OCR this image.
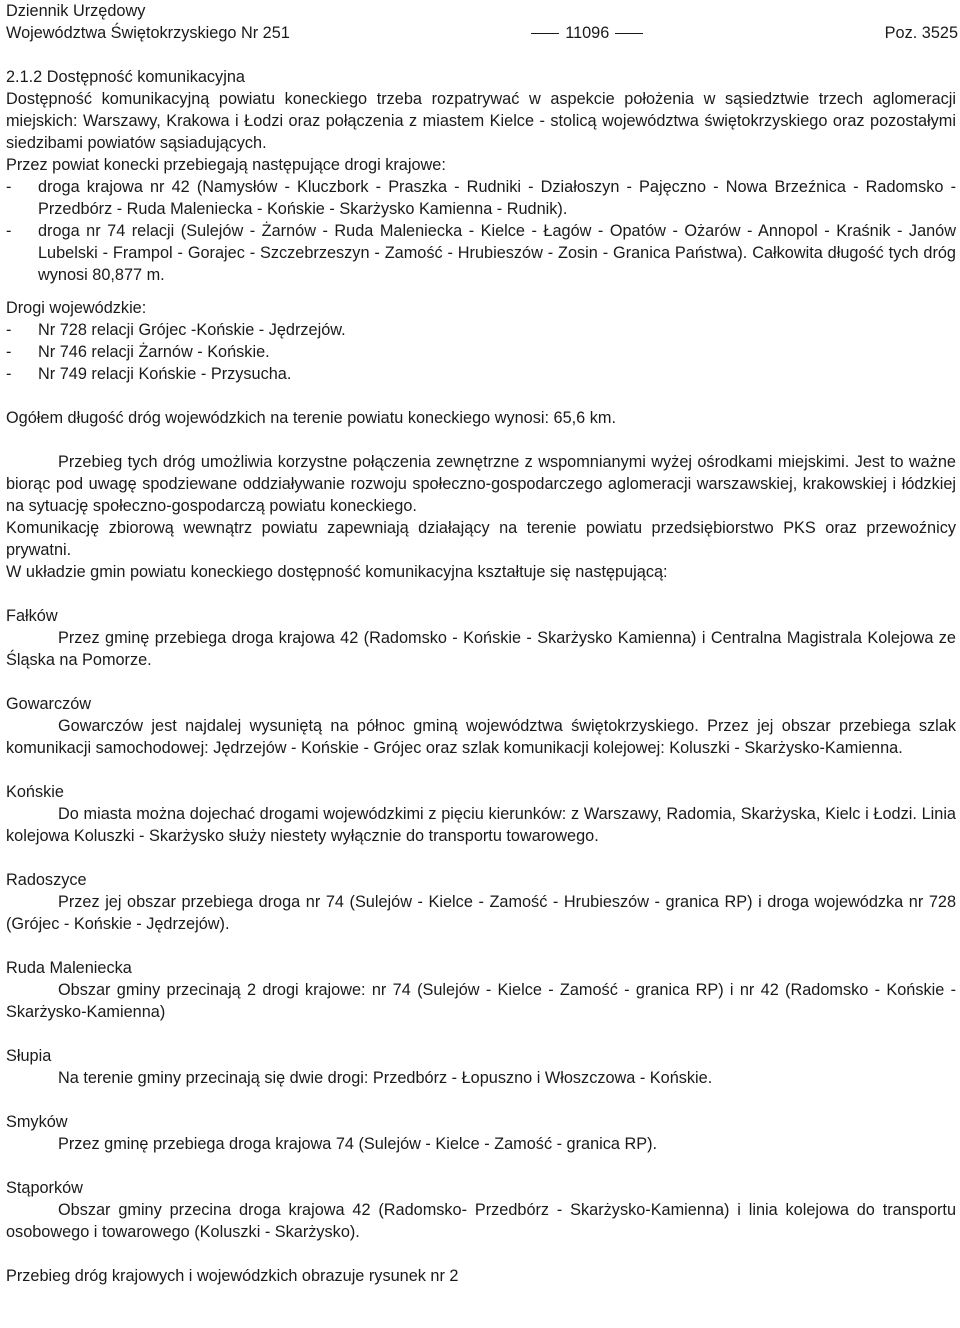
Dziennik Urzędowy
Województwa Świętokrzyskiego Nr 251	11096	Poz. 3525

2.1.2 Dostępność komunikacyjna

Dostępność komunikacyjną powiatu koneckiego trzeba rozpatrywać w aspekcie położenia w sąsiedztwie trzech aglomeracji miejskich: Warszawy, Krakowa i Łodzi oraz połączenia z miastem Kielce - stolicą województwa świętokrzyskiego oraz pozostałymi siedzibami powiatów sąsiadujących.

Przez powiat konecki przebiegają następujące drogi krajowe:

-	droga krajowa nr 42 (Namysłów - Kluczbork - Praszka - Rudniki - Działoszyn - Pajęczno - Nowa Brzeźnica - Radomsko - Przedbórz - Ruda Maleniecka - Końskie - Skarżysko Kamienna - Rudnik).
-	droga nr 74 relacji (Sulejów - Żarnów - Ruda Maleniecka - Kielce - Łagów - Opatów - Ożarów - Annopol - Kraśnik - Janów Lubelski - Frampol - Gorajec - Szczebrzeszyn - Zamość - Hrubieszów - Zosin - Granica Państwa). Całkowita długość tych dróg wynosi 80,877 m.

Drogi wojewódzkie:

-	Nr 728 relacji Grójec -Końskie - Jędrzejów.
-	Nr 746 relacji Żarnów - Końskie.
-	Nr 749 relacji Końskie - Przysucha.

Ogółem długość dróg wojewódzkich na terenie powiatu koneckiego wynosi: 65,6 km.

Przebieg tych dróg umożliwia korzystne połączenia zewnętrzne z wspomnianymi wyżej ośrodkami miejskimi. Jest to ważne biorąc pod uwagę spodziewane oddziaływanie rozwoju społeczno-gospodarczego aglomeracji warszawskiej, krakowskiej i łódzkiej na sytuację społeczno-gospodarczą powiatu koneckiego.

Komunikację zbiorową wewnątrz powiatu zapewniają działający na terenie powiatu przedsiębiorstwo PKS oraz przewoźnicy prywatni.

W układzie gmin powiatu koneckiego dostępność komunikacyjna kształtuje się następującą:

Fałków

Przez gminę przebiega droga krajowa 42 (Radomsko - Końskie - Skarżysko Kamienna) i Centralna Magistrala Kolejowa ze Śląska na Pomorze.

Gowarczów

Gowarczów jest najdalej wysuniętą na północ gminą województwa świętokrzyskiego. Przez jej obszar przebiega szlak komunikacji samochodowej: Jędrzejów - Końskie - Grójec oraz szlak komunikacji kolejowej: Koluszki - Skarżysko-Kamienna.

Końskie

Do miasta można dojechać drogami wojewódzkimi z pięciu kierunków: z Warszawy, Radomia, Skarżyska, Kielc i Łodzi. Linia kolejowa Koluszki - Skarżysko służy niestety wyłącznie do transportu towarowego.

Radoszyce

Przez jej obszar przebiega droga nr 74 (Sulejów - Kielce - Zamość - Hrubieszów - granica RP) i droga wojewódzka nr 728 (Grójec - Końskie - Jędrzejów).

Ruda Maleniecka

Obszar gminy przecinają 2 drogi krajowe: nr 74 (Sulejów - Kielce - Zamość - granica RP) i nr 42 (Radomsko - Końskie - Skarżysko-Kamienna)

Słupia

Na terenie gminy przecinają się dwie drogi: Przedbórz - Łopuszno i Włoszczowa - Końskie.

Smyków

Przez gminę przebiega droga krajowa 74 (Sulejów - Kielce - Zamość - granica RP).

Stąporków

Obszar gminy przecina droga krajowa 42 (Radomsko- Przedbórz - Skarżysko-Kamienna) i linia kolejowa do transportu osobowego i towarowego (Koluszki - Skarżysko).

Przebieg dróg krajowych i wojewódzkich obrazuje rysunek nr 2
